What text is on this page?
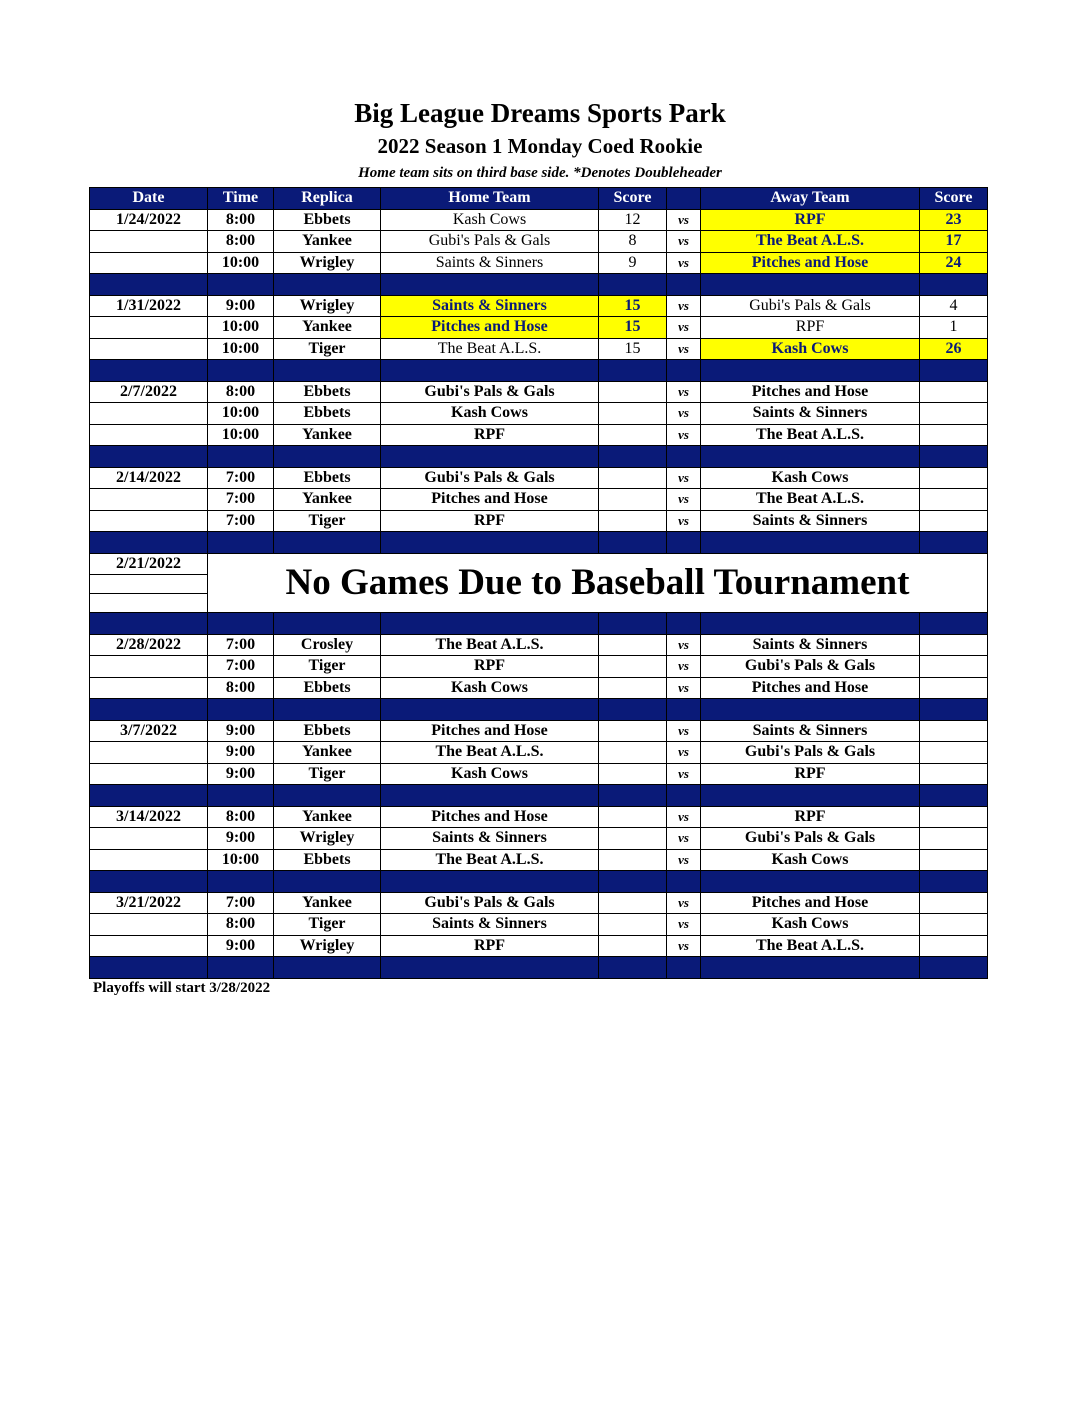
Big League Dreams Sports Park
2022 Season 1 Monday Coed Rookie
Home team sits on third base side. *Denotes Doubleheader
Date	Time	Replica	Home Team	Score		Away Team	Score
1/24/2022	8:00	Ebbets	Kash Cows	12	vs	RPF	23
	8:00	Yankee	Gubi's Pals & Gals	8	vs	The Beat A.L.S.	17
	10:00	Wrigley	Saints & Sinners	9	vs	Pitches and Hose	24

1/31/2022	9:00	Wrigley	Saints & Sinners	15	vs	Gubi's Pals & Gals	4
	10:00	Yankee	Pitches and Hose	15	vs	RPF	1
	10:00	Tiger	The Beat A.L.S.	15	vs	Kash Cows	26

2/7/2022	8:00	Ebbets	Gubi's Pals & Gals		vs	Pitches and Hose	
	10:00	Ebbets	Kash Cows		vs	Saints & Sinners	
	10:00	Yankee	RPF		vs	The Beat A.L.S.	

2/14/2022	7:00	Ebbets	Gubi's Pals & Gals		vs	Kash Cows	
	7:00	Yankee	Pitches and Hose		vs	The Beat A.L.S.	
	7:00	Tiger	RPF		vs	Saints & Sinners	

2/21/2022	No Games Due to Baseball Tournament						

2/28/2022	7:00	Crosley	The Beat A.L.S.		vs	Saints & Sinners	
	7:00	Tiger	RPF		vs	Gubi's Pals & Gals	
	8:00	Ebbets	Kash Cows		vs	Pitches and Hose	

3/7/2022	9:00	Ebbets	Pitches and Hose		vs	Saints & Sinners	
	9:00	Yankee	The Beat A.L.S.		vs	Gubi's Pals & Gals	
	9:00	Tiger	Kash Cows		vs	RPF	

3/14/2022	8:00	Yankee	Pitches and Hose		vs	RPF	
	9:00	Wrigley	Saints & Sinners		vs	Gubi's Pals & Gals	
	10:00	Ebbets	The Beat A.L.S.		vs	Kash Cows	

3/21/2022	7:00	Yankee	Gubi's Pals & Gals		vs	Pitches and Hose	
	8:00	Tiger	Saints & Sinners		vs	Kash Cows	
	9:00	Wrigley	RPF		vs	The Beat A.L.S.	

Playoffs will start 3/28/2022
